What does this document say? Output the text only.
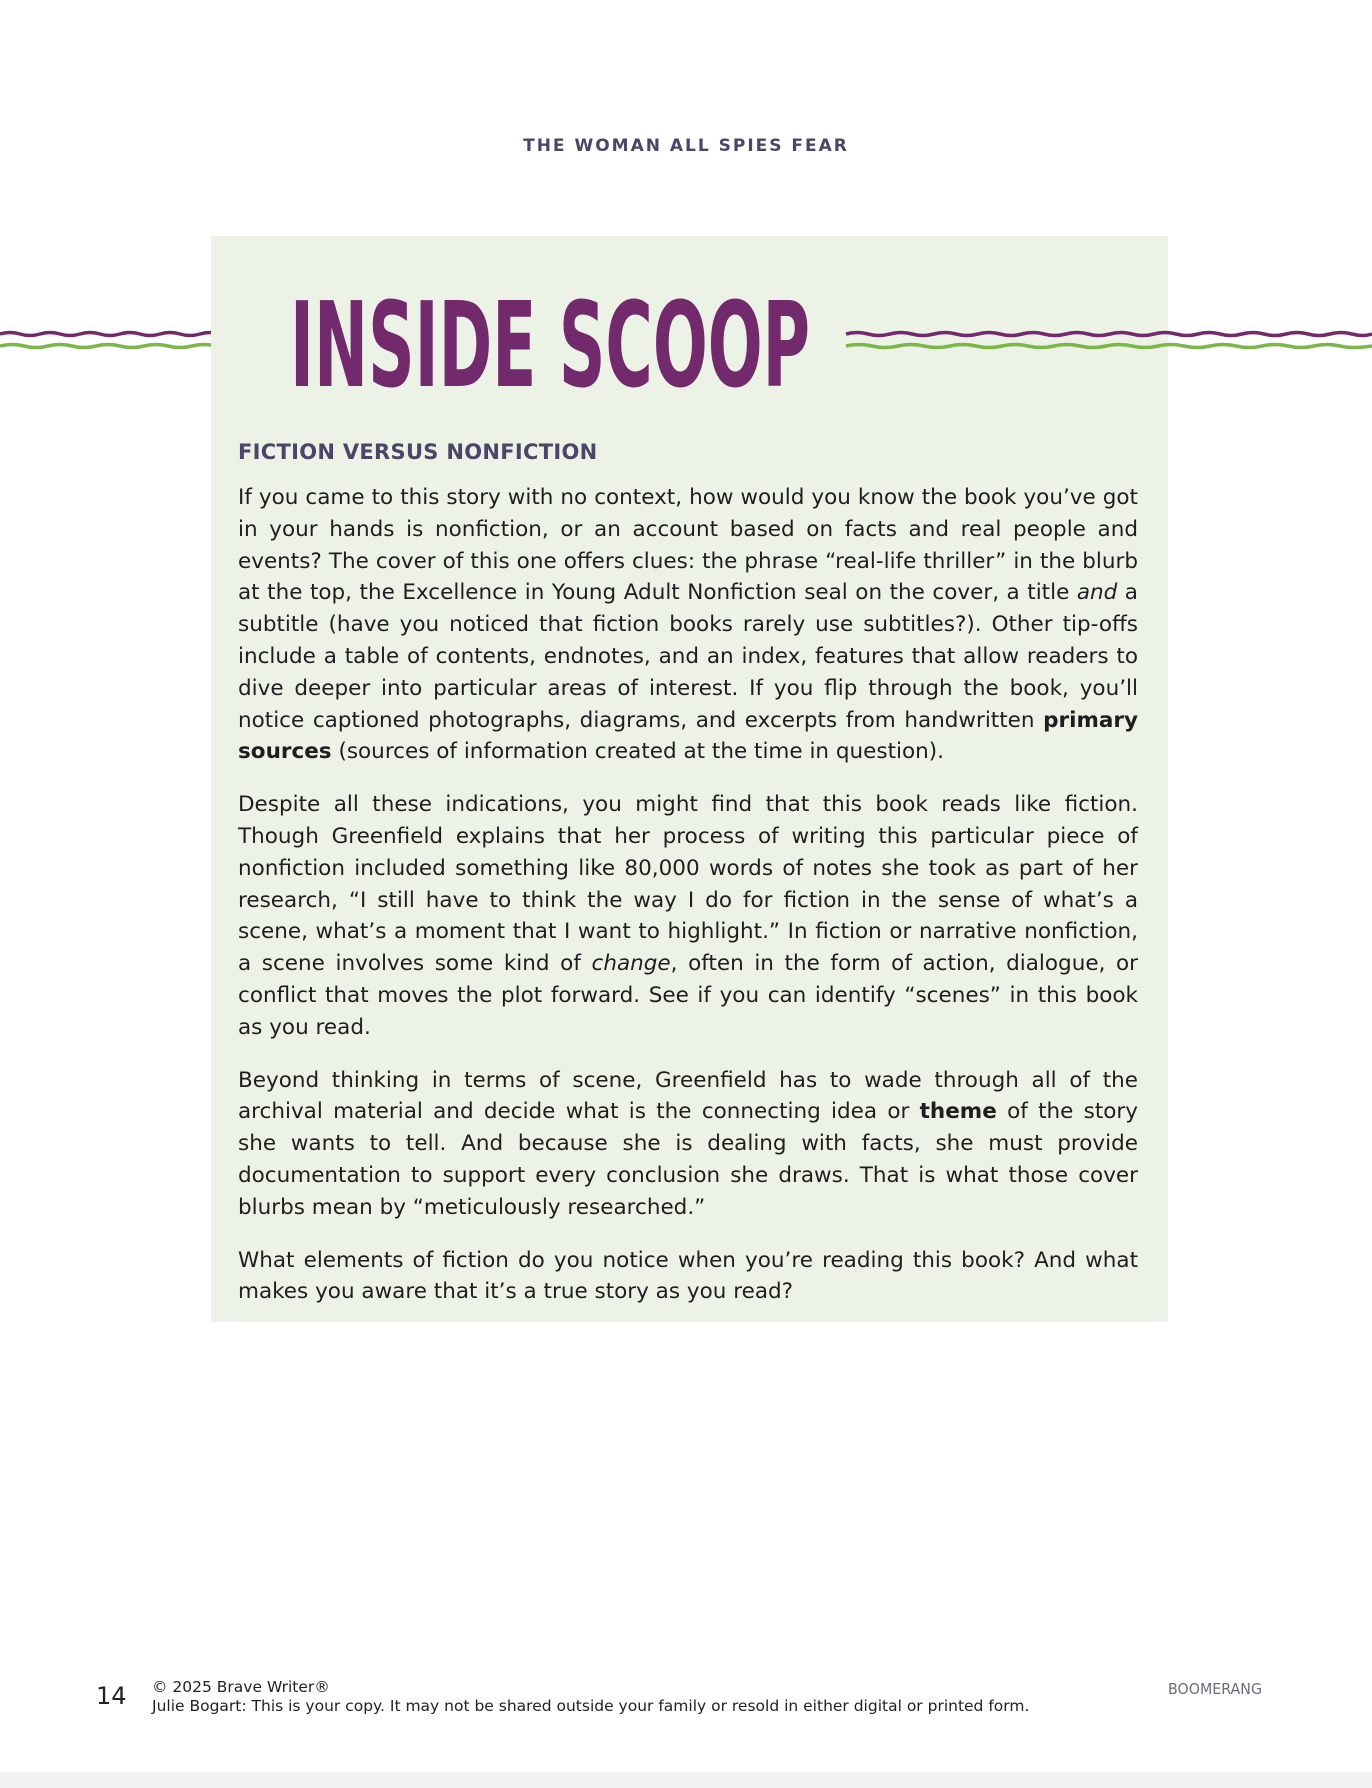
THE WOMAN ALL SPIES FEAR
INSIDE SCOOP
FICTION VERSUS NONFICTION

If you came to this story with no context, how would you know the book you’ve got in your hands is nonfiction, or an account based on facts and real people and events? The cover of this one offers clues: the phrase “real-life thriller” in the blurb at the top, the Excellence in Young Adult Nonfiction seal on the cover, a title and a subtitle (have you noticed that fiction books rarely use subtitles?). Other tip-offs include a table of contents, endnotes, and an index, features that allow readers to dive deeper into particular areas of interest. If you flip through the book, you’ll notice captioned photographs, diagrams, and excerpts from handwritten primary sources (sources of information created at the time in question).

Despite all these indications, you might find that this book reads like fiction. Though Greenfield explains that her process of writing this particular piece of nonfiction included something like 80,000 words of notes she took as part of her research, “I still have to think the way I do for fiction in the sense of what’s a scene, what’s a moment that I want to highlight.” In fiction or narrative nonfiction, a scene involves some kind of change, often in the form of action, dialogue, or conflict that moves the plot forward. See if you can identify “scenes” in this book as you read.

Beyond thinking in terms of scene, Greenfield has to wade through all of the archival material and decide what is the connecting idea or theme of the story she wants to tell. And because she is dealing with facts, she must provide documentation to support every conclusion she draws. That is what those cover blurbs mean by “meticulously researched.”

What elements of fiction do you notice when you’re reading this book? And what makes you aware that it’s a true story as you read?

14 © 2025 Brave Writer®
Julie Bogart: This is your copy. It may not be shared outside your family or resold in either digital or printed form.
BOOMERANG
